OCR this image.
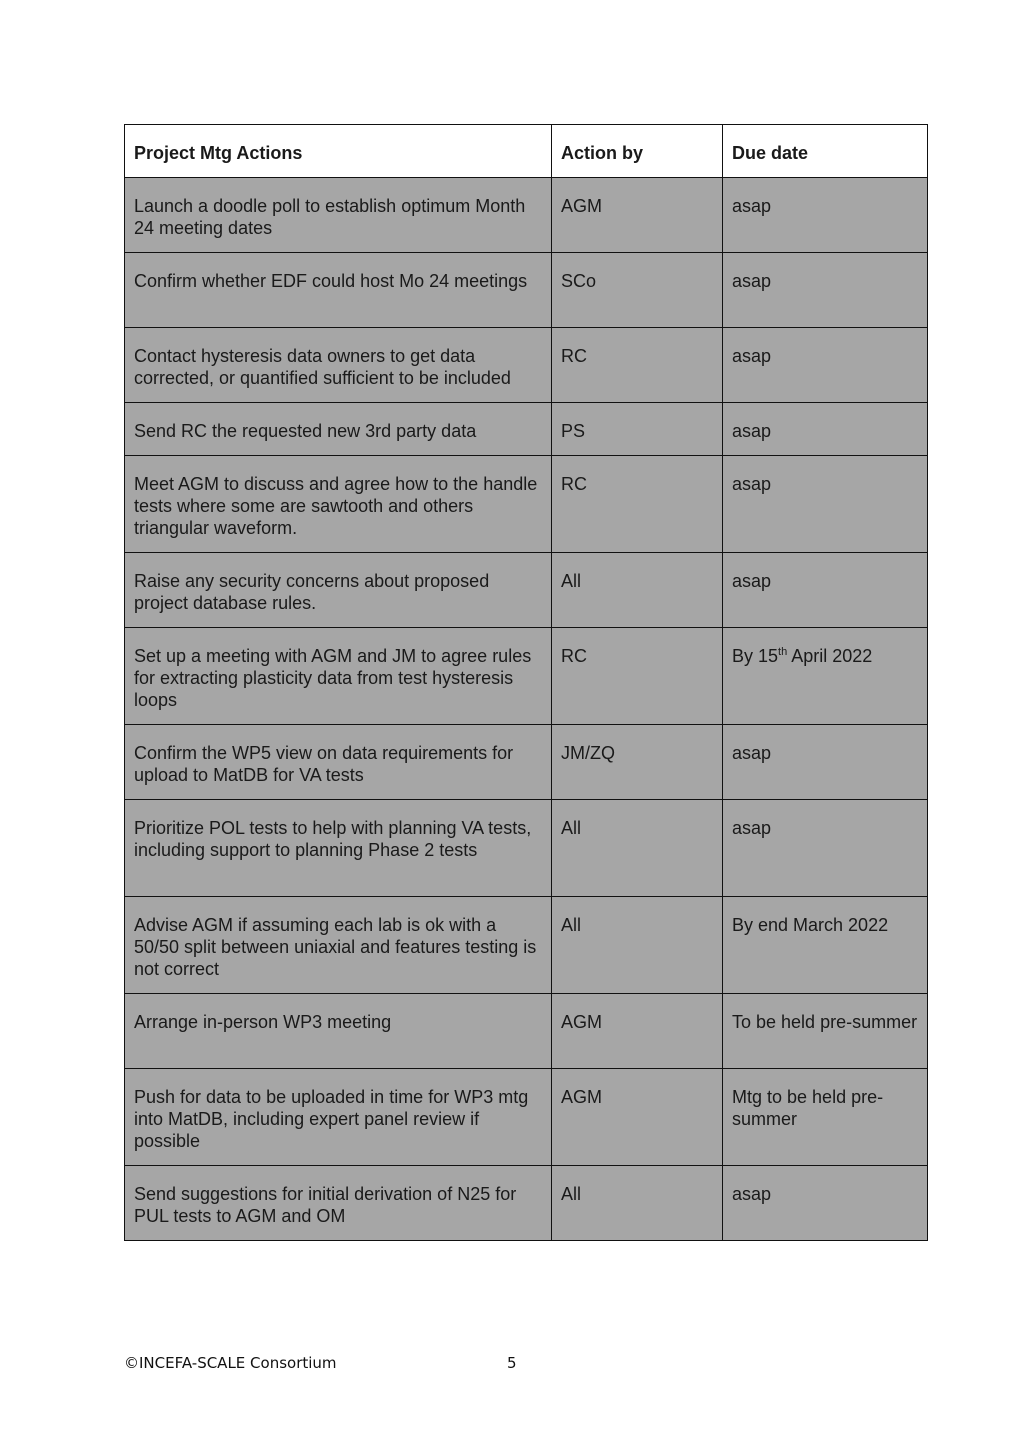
Project Mtg Actions	Action by	Due date
Launch a doodle poll to establish optimum Month 24 meeting dates	AGM	asap
Confirm whether EDF could host Mo 24 meetings	SCo	asap
Contact hysteresis data owners to get data corrected, or quantified sufficient to be included	RC	asap
Send RC the requested new 3rd party data	PS	asap
Meet AGM to discuss and agree how to the handle tests where some are sawtooth and others triangular waveform.	RC	asap
Raise any security concerns about proposed project database rules.	All	asap
Set up a meeting with AGM and JM to agree rules for extracting plasticity data from test hysteresis loops	RC	By 15th April 2022
Confirm the WP5 view on data requirements for upload to MatDB for VA tests	JM/ZQ	asap
Prioritize POL tests to help with planning VA tests, including support to planning Phase 2 tests	All	asap
Advise AGM if assuming each lab is ok with a 50/50 split between uniaxial and features testing is not correct	All	By end March 2022
Arrange in-person WP3 meeting	AGM	To be held pre-summer
Push for data to be uploaded in time for WP3 mtg into MatDB, including expert panel review if possible	AGM	Mtg to be held pre-summer
Send suggestions for initial derivation of N25 for PUL tests to AGM and OM	All	asap
©INCEFA-SCALE Consortium	5
